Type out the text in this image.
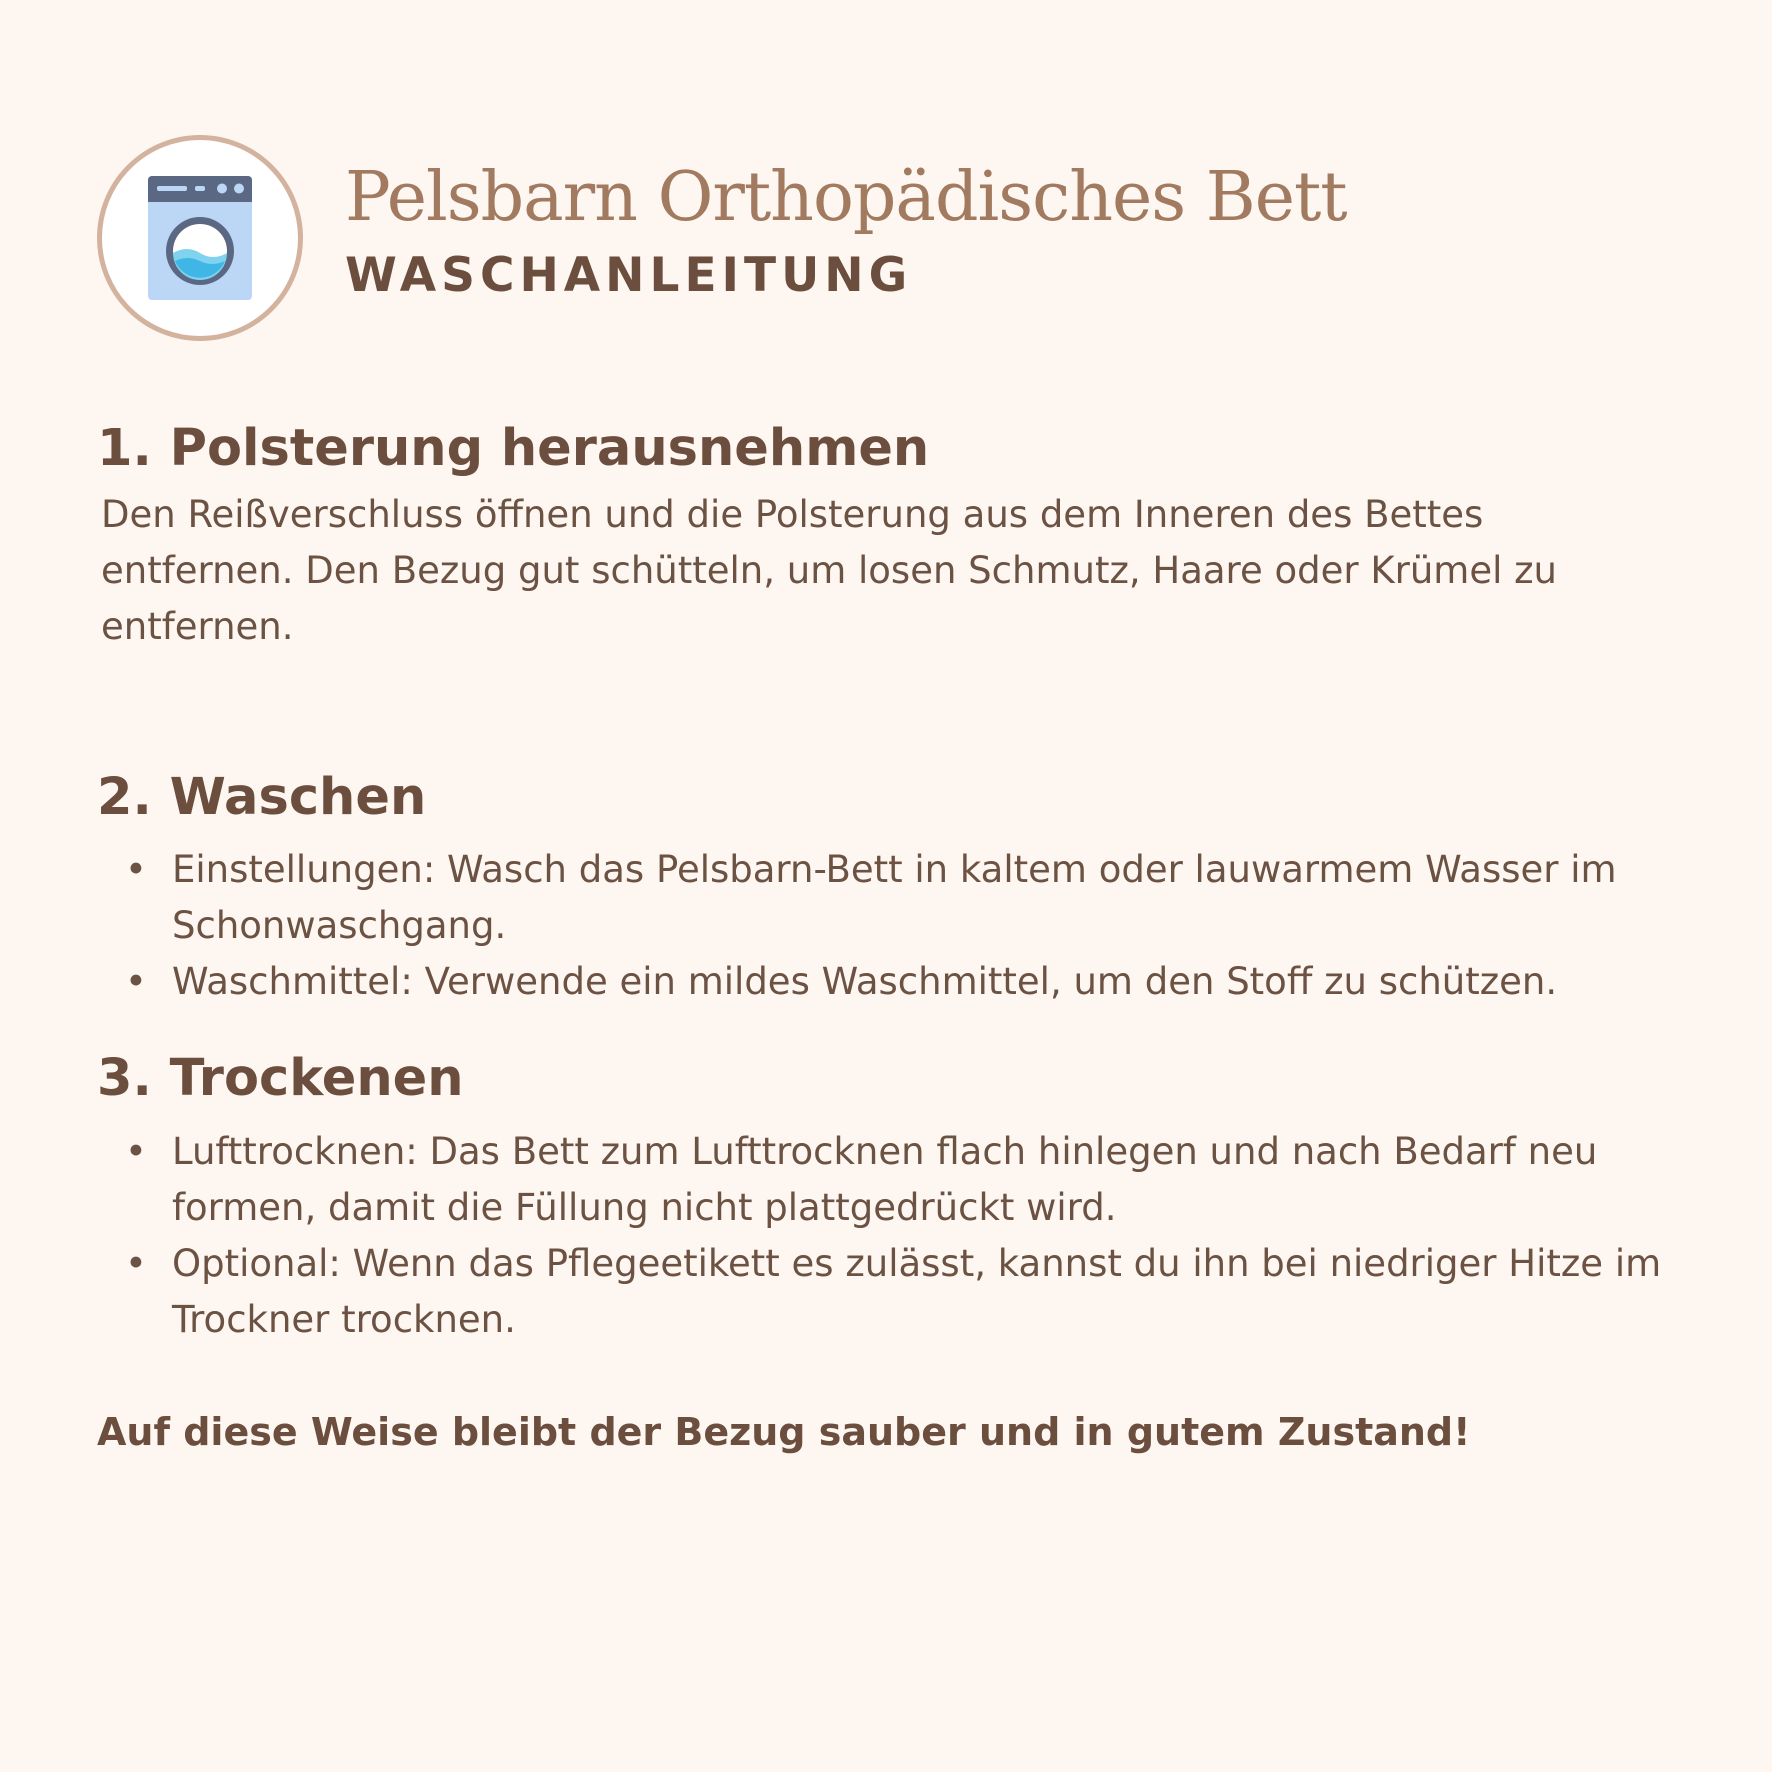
Pelsbarn Orthopädisches Bett
WASCHANLEITUNG
1. Polsterung herausnehmen

Den Reißverschluss öffnen und die Polsterung aus dem Inneren des Bettes entfernen. Den Bezug gut schütteln, um losen Schmutz, Haare oder Krümel zu entfernen.

2. Waschen
• Einstellungen: Wasch das Pelsbarn-Bett in kaltem oder lauwarmem Wasser im Schonwaschgang.
• Waschmittel: Verwende ein mildes Waschmittel, um den Stoff zu schützen.
3. Trockenen
• Lufttrocknen: Das Bett zum Lufttrocknen flach hinlegen und nach Bedarf neu formen, damit die Füllung nicht plattgedrückt wird.
• Optional: Wenn das Pflegeetikett es zulässt, kannst du ihn bei niedriger Hitze im Trockner trocknen.
Auf diese Weise bleibt der Bezug sauber und in gutem Zustand!
